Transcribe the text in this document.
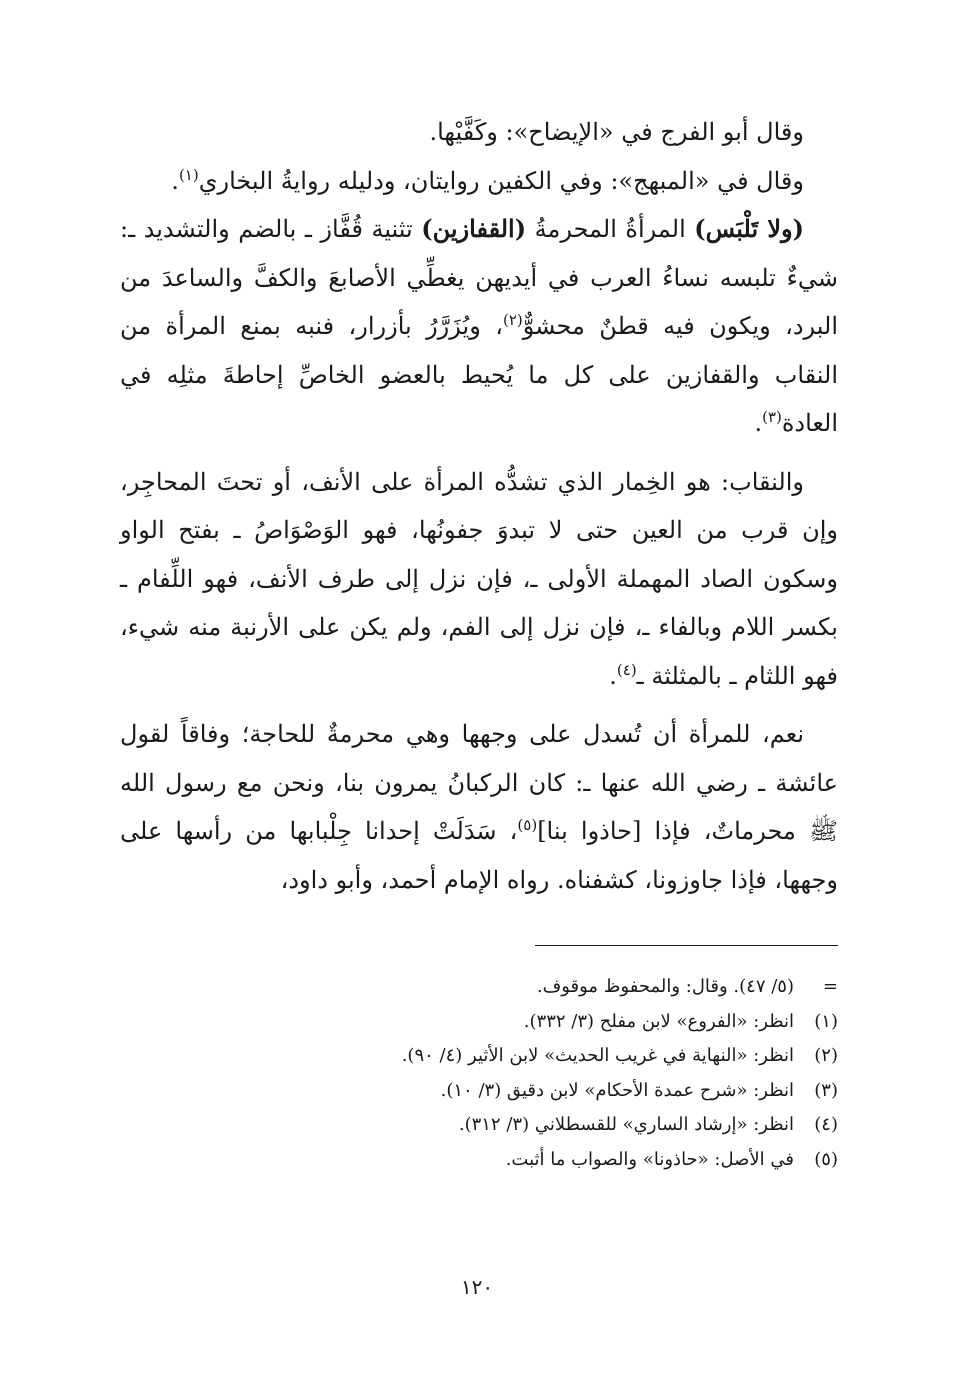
وقال أبو الفرج في «الإيضاح»: وكَفَّيْها.

وقال في «المبهج»: وفي الكفين روايتان، ودليله روايةُ البخاري$^{(١)}$.

(ولا تَلْبَس) المرأةُ المحرمةُ (القفازين) تثنية قُفَّاز ـ بالضم والتشديد ـ: شيءٌ تلبسه نساءُ العرب في أيديهن يغطِّي الأصابعَ والكفَّ والساعدَ من البرد، ويكون فيه قطنٌ محشوٌّ$^{(٢)}$، ويُزَرَّرُ بأزرار، فنبه بمنع المرأة من النقاب والقفازين على كل ما يُحيط بالعضو الخاصِّ إحاطةَ مثلِه في العادة$^{(٣)}$.

والنقاب: هو الخِمار الذي تشدُّه المرأة على الأنف، أو تحتَ المحاجِر، وإن قرب من العين حتى لا تبدوَ جفونُها، فهو الوَصْوَاصُ ـ بفتح الواو وسكون الصاد المهملة الأولى ـ، فإن نزل إلى طرف الأنف، فهو اللِّفام ـ بكسر اللام وبالفاء ـ، فإن نزل إلى الفم، ولم يكن على الأرنبة منه شيء، فهو اللثام ـ بالمثلثة ـ$^{(٤)}$.

نعم، للمرأة أن تُسدل على وجهها وهي محرمةٌ للحاجة؛ وفاقاً لقول عائشة ـ رضي الله عنها ـ: كان الركبانُ يمرون بنا، ونحن مع رسول الله ﷺ محرماتٌ، فإذا [حاذوا بنا]$^{(٥)}$، سَدَلَتْ إحدانا جِلْبابها من رأسها على وجهها، فإذا جاوزونا، كشفناه. رواه الإمام أحمد، وأبو داود،

=
(٥/ ٤٧). وقال: والمحفوظ موقوف.
(١)
انظر: «الفروع» لابن مفلح (٣/ ٣٣٢).
(٢)
انظر: «النهاية في غريب الحديث» لابن الأثير (٤/ ٩٠).
(٣)
انظر: «شرح عمدة الأحكام» لابن دقيق (٣/ ١٠).
(٤)
انظر: «إرشاد الساري» للقسطلاني (٣/ ٣١٢).
(٥)
في الأصل: «حاذونا» والصواب ما أثبت.
١٢٠
